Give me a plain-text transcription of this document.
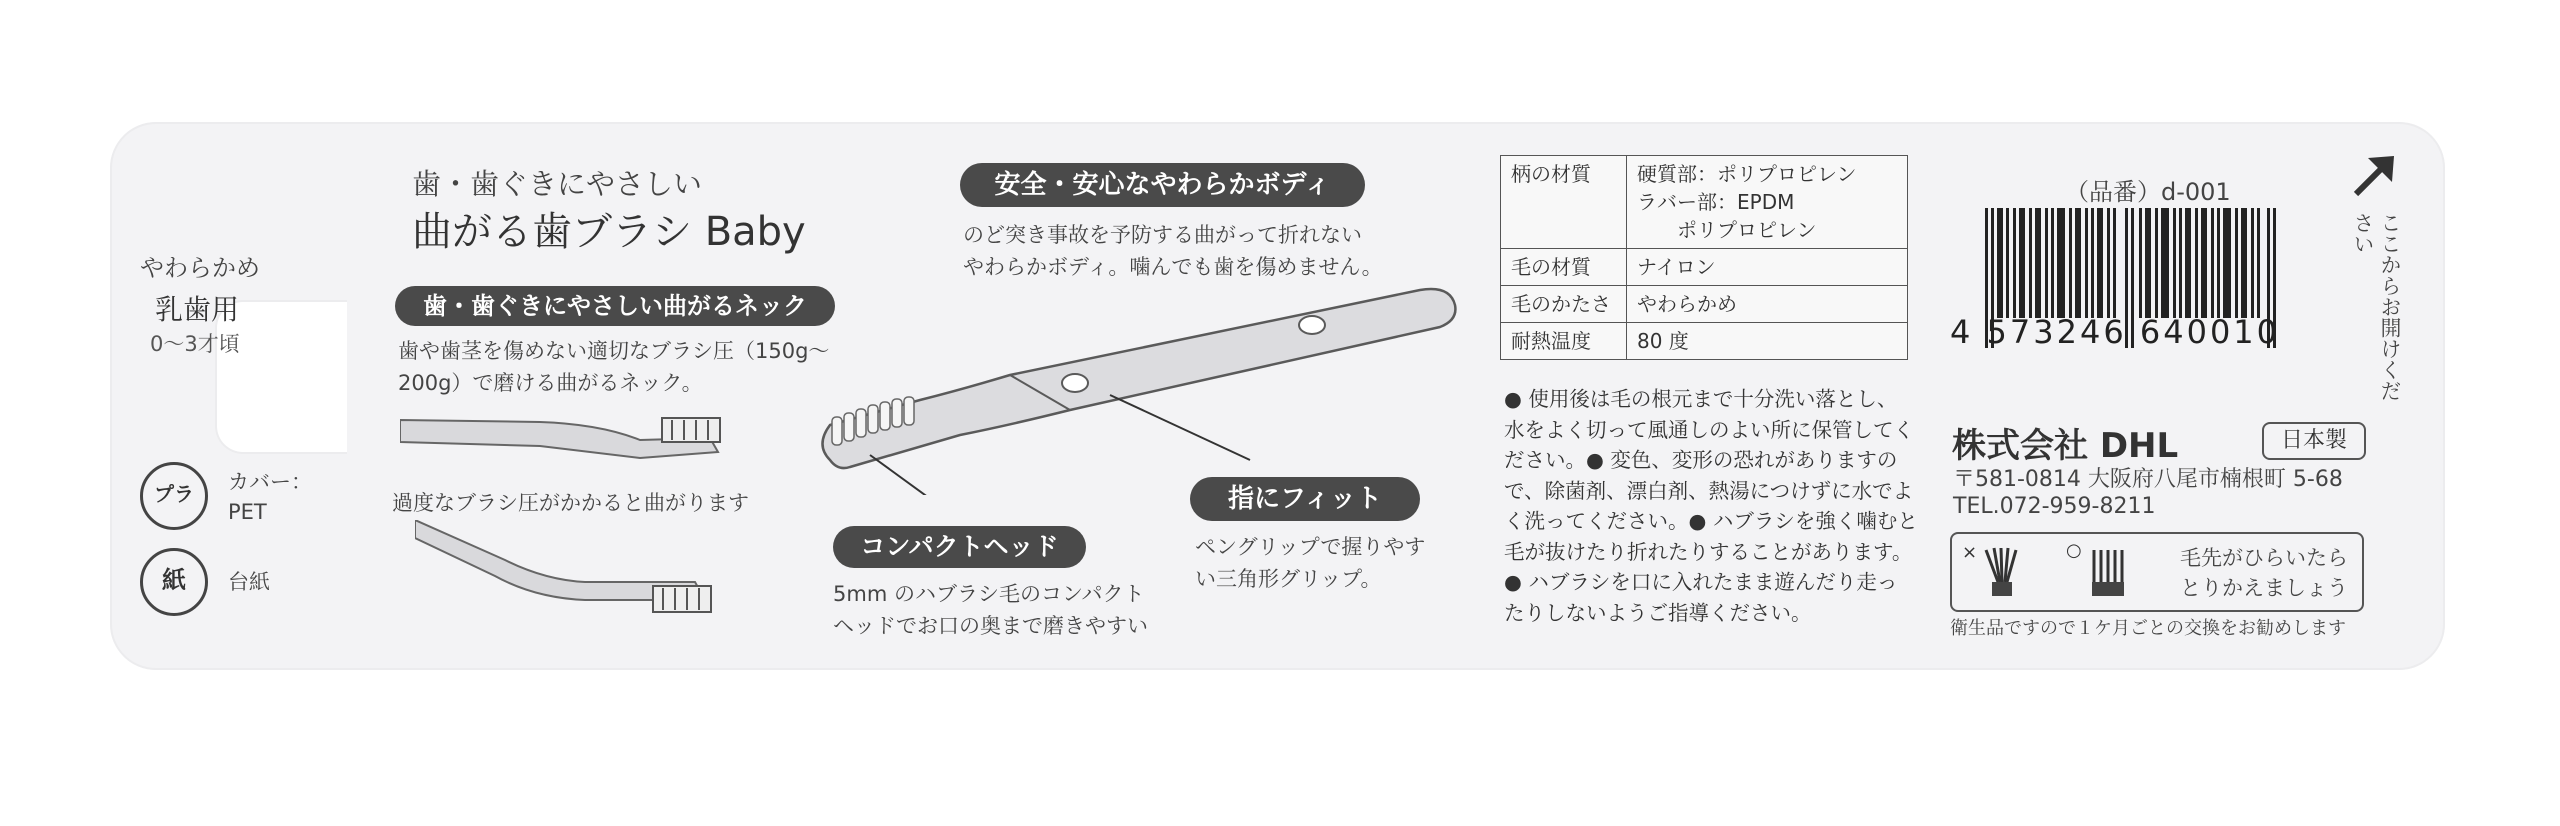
やわらかめ
乳歯用
0〜3才頃
プラ	カバー：
PET
紙	台紙
歯・歯ぐきにやさしい
曲がる歯ブラシ Baby
歯・歯ぐきにやさしい曲がるネック
歯や歯茎を傷めない適切なブラシ圧（150g〜
200g）で磨ける曲がるネック。
過度なブラシ圧がかかると曲がります
安全・安心なやわらかボディ
のど突き事故を予防する曲がって折れない
やわらかボディ。噛んでも歯を傷めません。
コンパクトヘッド
5mm のハブラシ毛のコンパクト
ヘッドでお口の奥まで磨きやすい
指にフィット
ペングリップで握りやす
い三角形グリップ。
柄の材質	硬質部：ポリプロピレン
ラバー部：EPDM
　　ポリプロピレン

毛の材質	ナイロン
毛のかたさ	やわらかめ
耐熱温度	80 度
● 使用後は毛の根元まで十分洗い落とし、
水をよく切って風通しのよい所に保管してく
ださい。● 変色、変形の恐れがありますの
で、除菌剤、漂白剤、熱湯につけずに水でよ
く洗ってください。● ハブラシを強く噛むと
毛が抜けたり折れたりすることがあります。
● ハブラシを口に入れたまま遊んだり走っ
たりしないようご指導ください。
（品番）d-001
4 573246 640010
株式会社 DHL	日本製
〒581-0814 大阪府八尾市楠根町 5-68
TEL.072-959-8211
×	○	毛先がひらいたら
とりかえましょう
衛生品ですので１ケ月ごとの交換をお勧めします
ここからお開けください
